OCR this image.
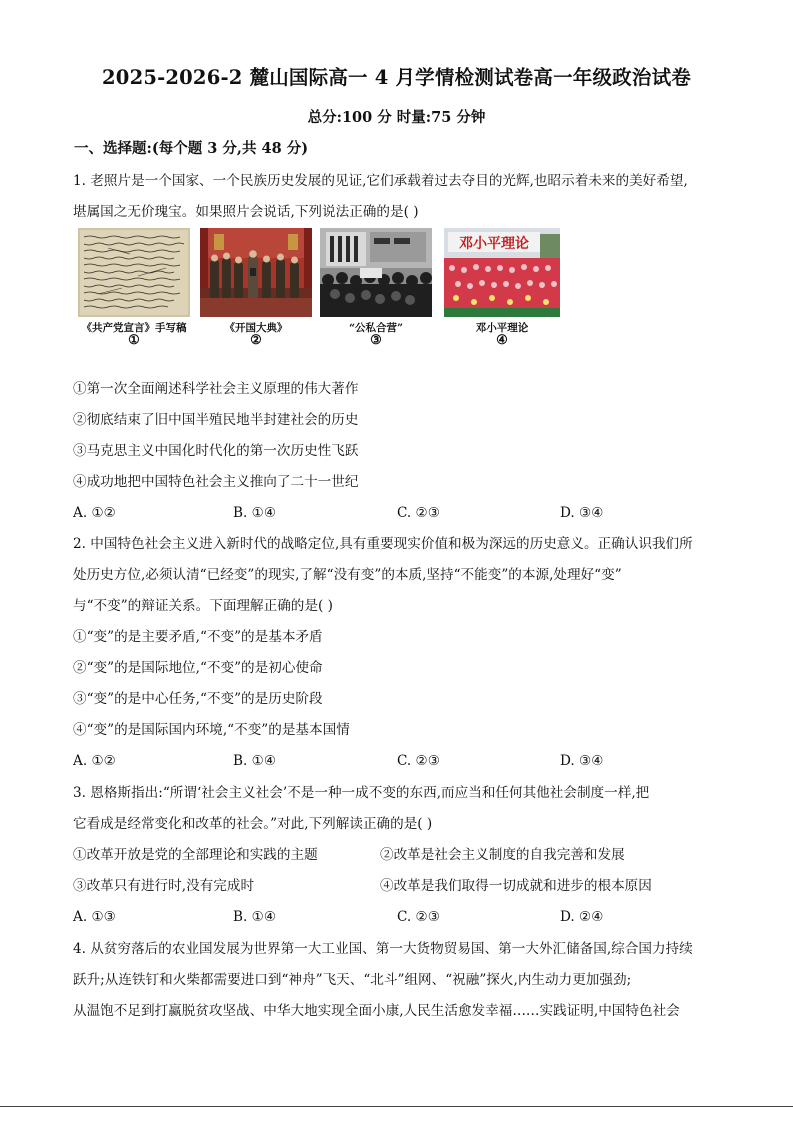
2025-2026-2 麓山国际高一 4 月学情检测试卷高一年级政治试卷
总分:100 分 时量:75 分钟
一、选择题:(每个题 3 分,共 48 分)
1. 老照片是一个国家、一个民族历史发展的见证,它们承载着过去夺目的光辉,也昭示着未来的美好希望,
堪属国之无价瑰宝。如果照片会说话,下列说法正确的是( )
《共产党宣言》手写稿
①
《开国大典》
②
“公私合营”
③
邓小平理论
邓小平理论
④
①第一次全面阐述科学社会主义原理的伟大著作
②彻底结束了旧中国半殖民地半封建社会的历史
③马克思主义中国化时代化的第一次历史性飞跃
④成功地把中国特色社会主义推向了二十一世纪
A. ①②	B. ①④	C. ②③	D. ③④
2. 中国特色社会主义进入新时代的战略定位,具有重要现实价值和极为深远的历史意义。正确认识我们所
处历史方位,必须认清“已经变”的现实,了解“没有变”的本质,坚持“不能变”的本源,处理好“变”
与“不变”的辩证关系。下面理解正确的是( )
①“变”的是主要矛盾,“不变”的是基本矛盾
②“变”的是国际地位,“不变”的是初心使命
③“变”的是中心任务,“不变”的是历史阶段
④“变”的是国际国内环境,“不变”的是基本国情
A. ①②	B. ①④	C. ②③	D. ③④
3. 恩格斯指出:“所谓‘社会主义社会’不是一种一成不变的东西,而应当和任何其他社会制度一样,把
它看成是经常变化和改革的社会。”对此,下列解读正确的是( )
①改革开放是党的全部理论和实践的主题	②改革是社会主义制度的自我完善和发展
③改革只有进行时,没有完成时	④改革是我们取得一切成就和进步的根本原因
A. ①③	B. ①④	C. ②③	D. ②④
4. 从贫穷落后的农业国发展为世界第一大工业国、第一大货物贸易国、第一大外汇储备国,综合国力持续
跃升;从连铁钉和火柴都需要进口到“神舟”飞天、“北斗”组网、“祝融”探火,内生动力更加强劲;
从温饱不足到打赢脱贫攻坚战、中华大地实现全面小康,人民生活愈发幸福……实践证明,中国特色社会
